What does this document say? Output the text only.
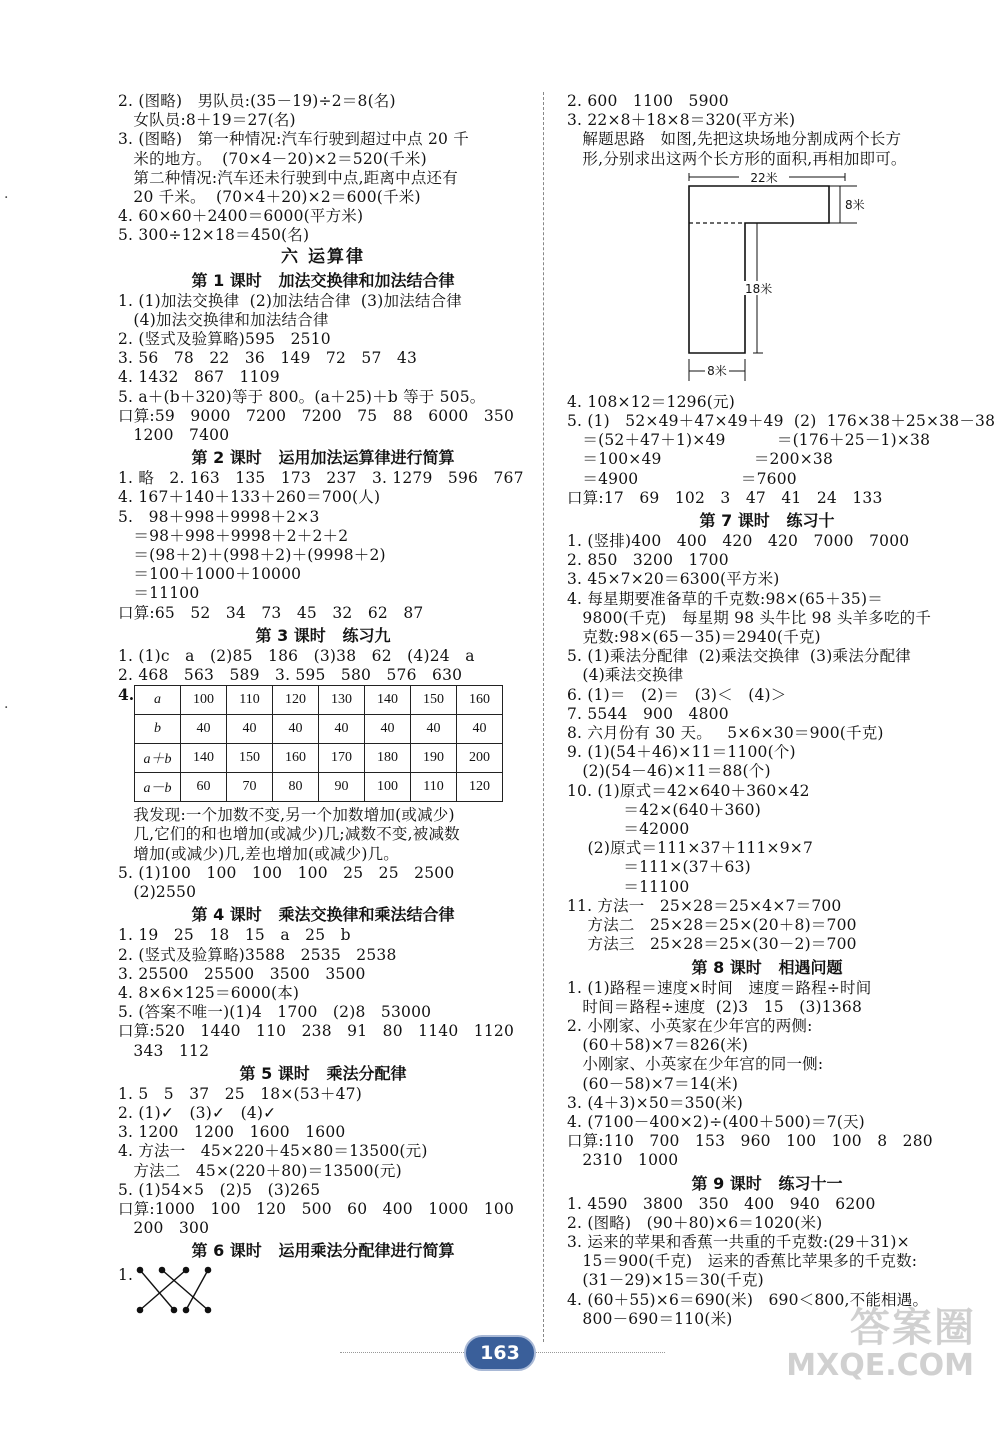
·
·
2. (图略)   男队员:(35－19)÷2＝8(名)
女队员:8＋19＝27(名)
3. (图略)   第一种情况:汽车行驶到超过中点 20 千
米的地方。  (70×4－20)×2＝520(千米)
第二种情况:汽车还未行驶到中点,距离中点还有
20 千米。  (70×4＋20)×2＝600(千米)
4. 60×60＋2400＝6000(平方米)
5. 300÷12×18＝450(名)
六 运算律
第 1 课时   加法交换律和加法结合律
1. (1)加法交换律  (2)加法结合律  (3)加法结合律
(4)加法交换律和加法结合律
2. (竖式及验算略)595   2510
3. 56   78   22   36   149   72   57   43
4. 1432   867   1109
5. a＋(b＋320)等于 800。(a＋25)＋b 等于 505。
口算:59   9000   7200   7200   75   88   6000   350
1200   7400
第 2 课时   运用加法运算律进行简算
1. 略   2. 163   135   173   237   3. 1279   596   767
4. 167＋140＋133＋260＝700(人)
5.   98＋998＋9998＋2×3
＝98＋998＋9998＋2＋2＋2
＝(98＋2)＋(998＋2)＋(9998＋2)
＝100＋1000＋10000
＝11100
口算:65   52   34   73   45   32   62   87
第 3 课时   练习九
1. (1)c   a   (2)85   186   (3)38   62   (4)24   a
2. 468   563   589   3. 595   580   576   630
4. a	100	110	120	130	140	150	160
b	40	40	40	40	40	40	40
a＋b	140	150	160	170	180	190	200
a－b	60	70	80	90	100	110	120
我发现:一个加数不变,另一个加数增加(或减少)
几,它们的和也增加(或减少)几;减数不变,被减数
增加(或减少)几,差也增加(或减少)几。
5. (1)100   100   100   100   25   25   2500
(2)2550
第 4 课时   乘法交换律和乘法结合律
1. 19   25   18   15   a   25   b
2. (竖式及验算略)3588   2535   2538
3. 25500   25500   3500   3500
4. 8×6×125＝6000(本)
5. (答案不唯一)(1)4   1700   (2)8   53000
口算:520   1440   110   238   91   80   1140   1120
343   112
第 5 课时   乘法分配律
1. 5   5   37   25   18×(53＋47)
2. (1)✓   (3)✓   (4)✓
3. 1200   1200   1600   1600
4. 方法一   45×220＋45×80＝13500(元)
方法二   45×(220＋80)＝13500(元)
5. (1)54×5   (2)5   (3)265
口算:1000   100   120   500   60   400   1000   100
200   300
第 6 课时   运用乘法分配律进行简算
1.
2. 600   1100   5900
3. 22×8＋18×8＝320(平方米)
解题思路   如图,先把这块场地分割成两个长方
形,分别求出这两个长方形的面积,再相加即可。
22米
8米
18米
8米
4. 108×12＝1296(元)
5. (1)   52×49＋47×49＋49  (2)  176×38＋25×38－38
＝(52＋47＋1)×49          ＝(176＋25－1)×38
＝100×49                  ＝200×38
＝4900                    ＝7600
口算:17   69   102   3   47   41   24   133
第 7 课时   练习十
1. (竖排)400   400   420   420   7000   7000
2. 850   3200   1700
3. 45×7×20＝6300(平方米)
4. 每星期要准备草的千克数:98×(65＋35)＝
9800(千克)   每星期 98 头牛比 98 头羊多吃的千
克数:98×(65－35)＝2940(千克)
5. (1)乘法分配律  (2)乘法交换律  (3)乘法分配律
(4)乘法交换律
6. (1)＝   (2)＝   (3)＜   (4)＞
7. 5544   900   4800
8. 六月份有 30 天。   5×6×30＝900(千克)
9. (1)(54＋46)×11＝1100(个)
(2)(54－46)×11＝88(个)
10. (1)原式＝42×640＋360×42
＝42×(640＋360)
＝42000
(2)原式＝111×37＋111×9×7
＝111×(37＋63)
＝11100
11. 方法一   25×28＝25×4×7＝700
方法二   25×28＝25×(20＋8)＝700
方法三   25×28＝25×(30－2)＝700
第 8 课时   相遇问题
1. (1)路程＝速度×时间   速度＝路程÷时间
时间＝路程÷速度  (2)3   15   (3)1368
2. 小刚家、小英家在少年宫的两侧:
(60＋58)×7＝826(米)
小刚家、小英家在少年宫的同一侧:
(60－58)×7＝14(米)
3. (4＋3)×50＝350(米)
4. (7100－400×2)÷(400＋500)＝7(天)
口算:110   700   153   960   100   100   8   280
2310   1000
第 9 课时   练习十一
1. 4590   3800   350   400   940   6200
2. (图略)   (90＋80)×6＝1020(米)
3. 运来的苹果和香蕉一共重的千克数:(29＋31)×
15＝900(千克)   运来的香蕉比苹果多的千克数:
(31－29)×15＝30(千克)
4. (60＋55)×6＝690(米)   690＜800,不能相遇。
800－690＝110(米)
163
答案圈
MXQE.COM
